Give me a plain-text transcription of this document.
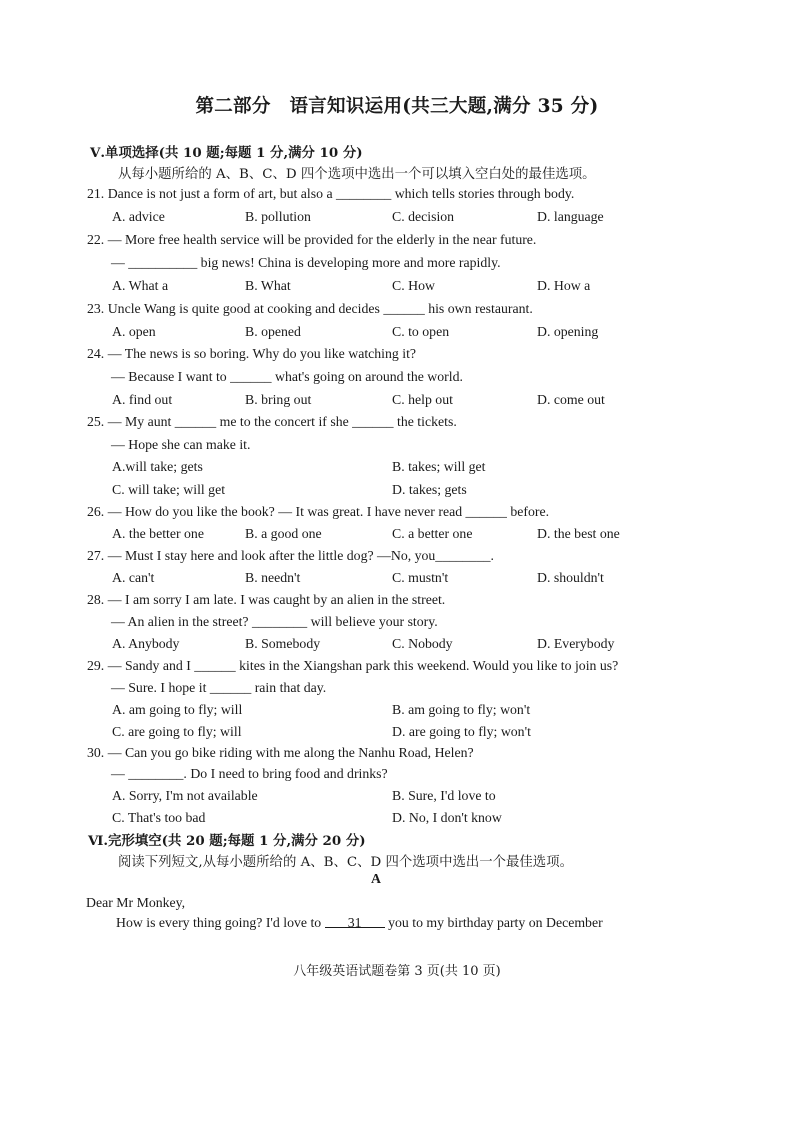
第二部分　语言知识运用(共三大题,满分 35 分)
Ⅴ.单项选择(共 10 题;每题 1 分,满分 10 分)
从每小题所给的 A、B、C、D 四个选项中选出一个可以填入空白处的最佳选项。
21. Dance is not just a form of art, but also a ________ which tells stories through body.
A. advice	B. pollution	C. decision	D. language
22. — More free health service will be provided for the elderly in the near future.
— __________ big news! China is developing more and more rapidly.
A. What a	B. What	C. How	D. How a
23. Uncle Wang is quite good at cooking and decides ______ his own restaurant.
A. open	B. opened	C. to open	D. opening
24. — The news is so boring. Why do you like watching it?
— Because I want to ______ what's going on around the world.
A. find out	B. bring out	C. help out	D. come out
25. — My aunt ______ me to the concert if she ______ the tickets.
— Hope she can make it.
A.will take; gets	B. takes; will get
C. will take; will get	D. takes; gets
26. — How do you like the book? — It was great. I have never read ______ before.
A. the better one	B. a good one	C. a better one	D. the best one
27. — Must I stay here and look after the little dog? —No, you________.
A. can't	B. needn't	C. mustn't	D. shouldn't
28. — I am sorry I am late. I was caught by an alien in the street.
— An alien in the street? ________ will believe your story.
A. Anybody	B. Somebody	C. Nobody	D. Everybody
29. — Sandy and I ______ kites in the Xiangshan park this weekend. Would you like to join us?
— Sure. I hope it ______ rain that day.
A. am going to fly; will	B. am going to fly; won't
C. are going to fly; will	D. are going to fly; won't
30. — Can you go bike riding with me along the Nanhu Road, Helen?
— ________. Do I need to bring food and drinks?
A. Sorry, I'm not available	B. Sure, I'd love to
C. That's too bad	D. No, I don't know
Ⅵ.完形填空(共 20 题;每题 1 分,满分 20 分)
阅读下列短文,从每小题所给的 A、B、C、D 四个选项中选出一个最佳选项。
A
Dear Mr Monkey,
How is every thing going? I'd love to 31 you to my birthday party on December
八年级英语试题卷第 3 页(共 10 页)
